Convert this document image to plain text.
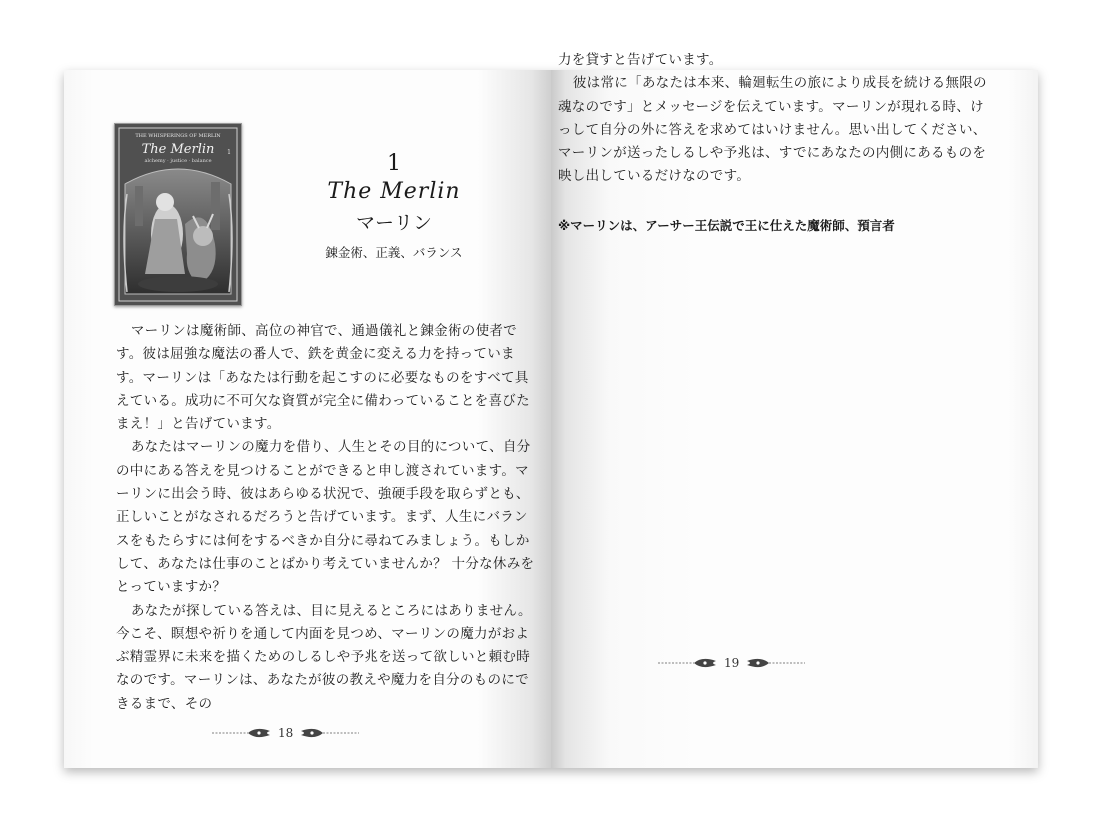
THE WHISPERINGS OF MERLIN
The Merlin
alchemy · justice · balance
1	1
The Merlin
マーリン
錬金術、正義、バランス

マーリンは魔術師、高位の神官で、通過儀礼と錬金術の使者です。彼は屈強な魔法の番人で、鉄を黄金に変える力を持っています。マーリンは「あなたは行動を起こすのに必要なものをすべて具えている。成功に不可欠な資質が完全に備わっていることを喜びたまえ！」と告げています。

あなたはマーリンの魔力を借り、人生とその目的について、自分の中にある答えを見つけることができると申し渡されています。マーリンに出会う時、彼はあらゆる状況で、強硬手段を取らずとも、正しいことがなされるだろうと告げています。まず、人生にバランスをもたらすには何をするべきか自分に尋ねてみましょう。もしかして、あなたは仕事のことばかり考えていませんか？ 十分な休みをとっていますか？

あなたが探している答えは、目に見えるところにはありません。今こそ、瞑想や祈りを通して内面を見つめ、マーリンの魔力がおよぶ精霊界に未来を描くためのしるしや予兆を送って欲しいと頼む時なのです。マーリンは、あなたが彼の教えや魔力を自分のものにできるまで、その

18

力を貸すと告げています。

彼は常に「あなたは本来、輪廻転生の旅により成長を続ける無限の魂なのです」とメッセージを伝えています。マーリンが現れる時、けっして自分の外に答えを求めてはいけません。思い出してください、マーリンが送ったしるしや予兆は、すでにあなたの内側にあるものを映し出しているだけなのです。

※マーリンは、アーサー王伝説で王に仕えた魔術師、預言者
19
